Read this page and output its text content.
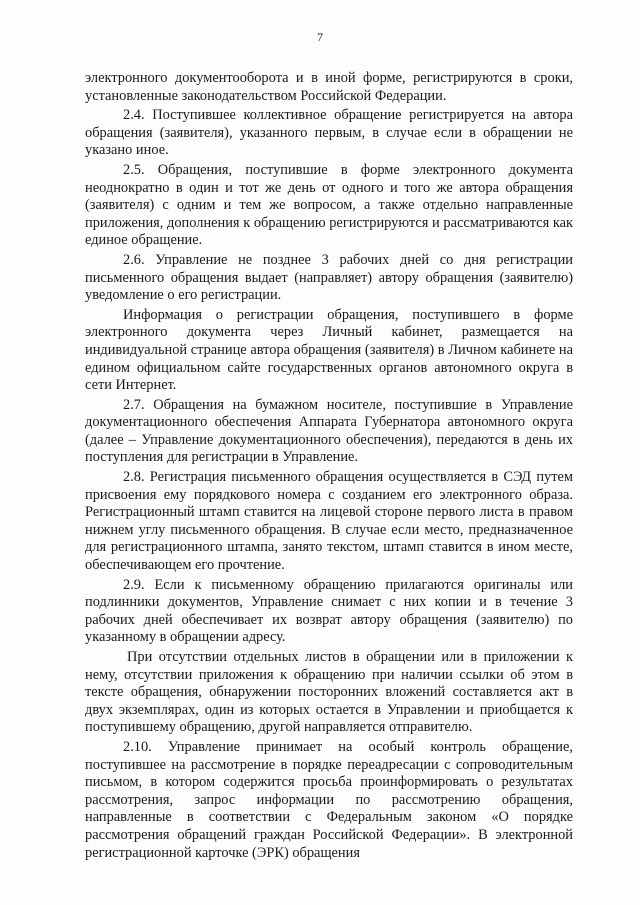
7

электронного документооборота и в иной форме, регистрируются в сроки, установленные законодательством Российской Федерации.

2.4. Поступившее коллективное обращение регистрируется на автора обращения (заявителя), указанного первым, в случае если в обращении не указано иное.

2.5. Обращения, поступившие в форме электронного документа неоднократно в один и тот же день от одного и того же автора обращения (заявителя) с одним и тем же вопросом, а также отдельно направленные приложения, дополнения к обращению регистрируются и рассматриваются как единое обращение.

2.6. Управление не позднее 3 рабочих дней со дня регистрации письменного обращения выдает (направляет) автору обращения (заявителю) уведомление о его регистрации.

Информация о регистрации обращения, поступившего в форме электронного документа через Личный кабинет, размещается на индивидуальной странице автора обращения (заявителя) в Личном кабинете на едином официальном сайте государственных органов автономного округа в сети Интернет.

2.7. Обращения на бумажном носителе, поступившие в Управление документационного обеспечения Аппарата Губернатора автономного округа (далее – Управление документационного обеспечения), передаются в день их поступления для регистрации в Управление.

2.8. Регистрация письменного обращения осуществляется в СЭД путем присвоения ему порядкового номера с созданием его электронного образа. Регистрационный штамп ставится на лицевой стороне первого листа в правом нижнем углу письменного обращения. В случае если место, предназначенное для регистрационного штампа, занято текстом, штамп ставится в ином месте, обеспечивающем его прочтение.

2.9. Если к письменному обращению прилагаются оригиналы или подлинники документов, Управление снимает с них копии и в течение 3 рабочих дней обеспечивает их возврат автору обращения (заявителю) по указанному в обращении адресу.

При отсутствии отдельных листов в обращении или в приложении к нему, отсутствии приложения к обращению при наличии ссылки об этом в тексте обращения, обнаружении посторонних вложений составляется акт в двух экземплярах, один из которых остается в Управлении и приобщается к поступившему обращению, другой направляется отправителю.

2.10. Управление принимает на особый контроль обращение, поступившее на рассмотрение в порядке переадресации с сопроводительным письмом, в котором содержится просьба проинформировать о результатах рассмотрения, запрос информации по рассмотрению обращения, направленные в соответствии с Федеральным законом «О порядке рассмотрения обращений граждан Российской Федерации». В электронной регистрационной карточке (ЭРК) обращения
